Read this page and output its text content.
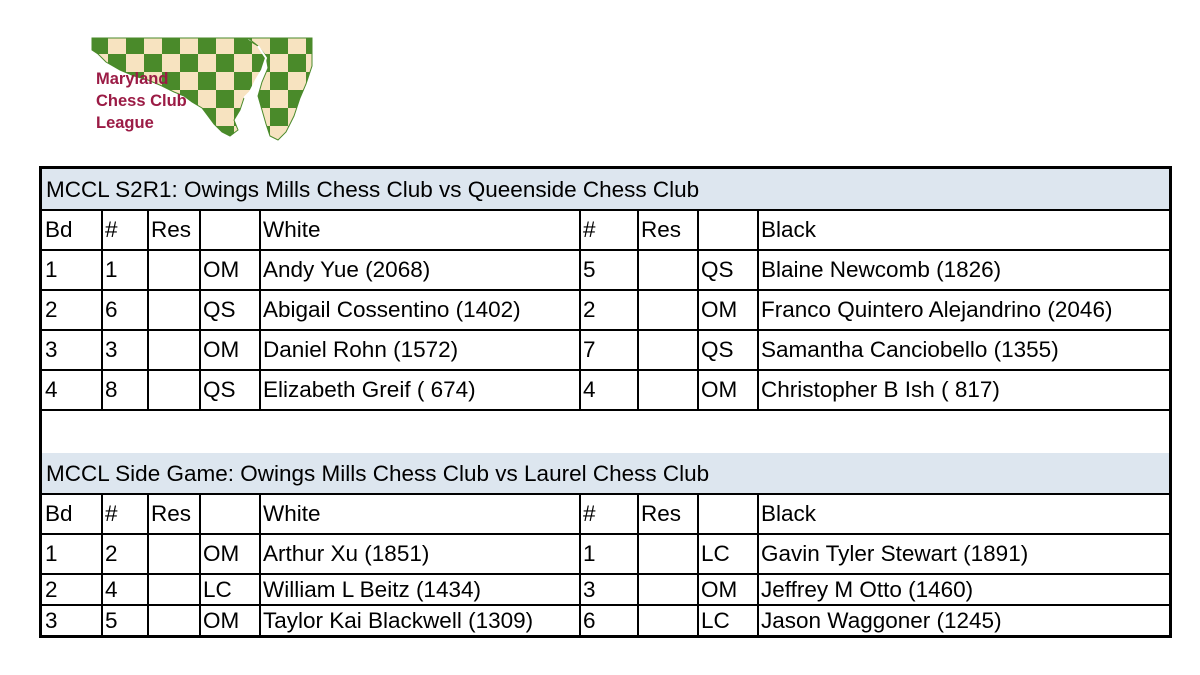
Maryland
Chess Club
League
MCCL S2R1: Owings Mills Chess Club vs Queenside Chess Club
Bd	#	Res	White	#	Res	Black
1	1	OM	Andy Yue (2068)	5	QS	Blaine Newcomb (1826)
2	6	QS	Abigail Cossentino (1402)	2	OM	Franco Quintero Alejandrino (2046)
3	3	OM	Daniel Rohn (1572)	7	QS	Samantha Canciobello (1355)
4	8	QS	Elizabeth Greif ( 674)	4	OM	Christopher B Ish ( 817)
MCCL Side Game: Owings Mills Chess Club vs Laurel Chess Club
Bd	#	Res	White	#	Res	Black
1	2	OM	Arthur Xu (1851)	1	LC	Gavin Tyler Stewart (1891)
2	4	LC	William L Beitz (1434)	3	OM	Jeffrey M Otto (1460)
3	5	OM	Taylor Kai Blackwell (1309)	6	LC	Jason Waggoner (1245)
